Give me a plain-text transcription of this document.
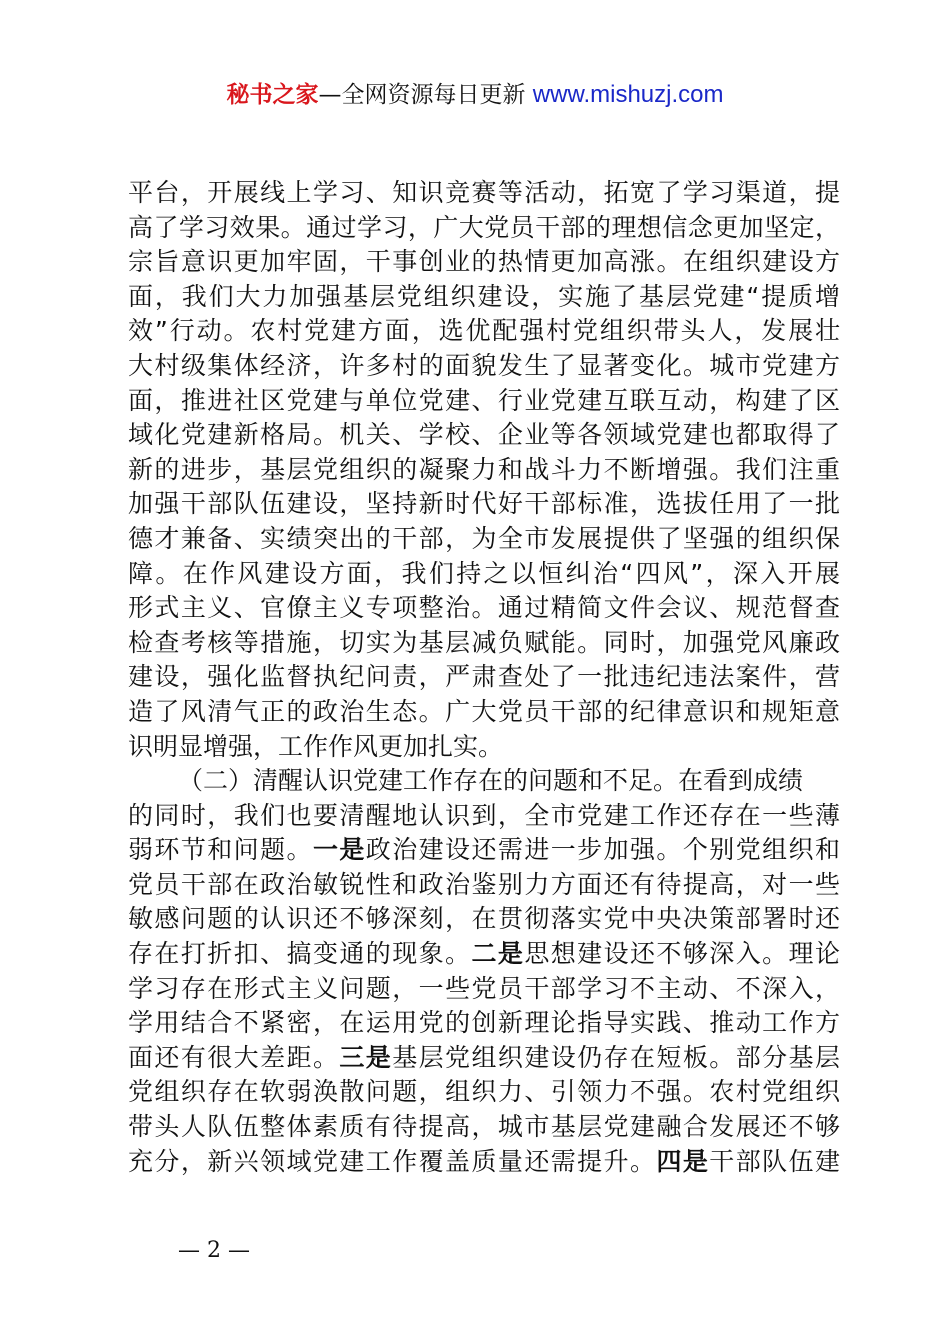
秘书之家—全网资源每日更新 www.mishuzj.com
平台，开展线上学习、知识竞赛等活动，拓宽了学习渠道，提
高了学习效果。通过学习，广大党员干部的理想信念更加坚定，
宗旨意识更加牢固，干事创业的热情更加高涨。在组织建设方
面，我们大力加强基层党组织建设，实施了基层党建“提质增
效”行动。农村党建方面，选优配强村党组织带头人，发展壮
大村级集体经济，许多村的面貌发生了显著变化。城市党建方
面，推进社区党建与单位党建、行业党建互联互动，构建了区
域化党建新格局。机关、学校、企业等各领域党建也都取得了
新的进步，基层党组织的凝聚力和战斗力不断增强。我们注重
加强干部队伍建设，坚持新时代好干部标准，选拔任用了一批
德才兼备、实绩突出的干部，为全市发展提供了坚强的组织保
障。在作风建设方面，我们持之以恒纠治“四风”，深入开展
形式主义、官僚主义专项整治。通过精简文件会议、规范督查
检查考核等措施，切实为基层减负赋能。同时，加强党风廉政
建设，强化监督执纪问责，严肃查处了一批违纪违法案件，营
造了风清气正的政治生态。广大党员干部的纪律意识和规矩意
识明显增强，工作作风更加扎实。
（二）清醒认识党建工作存在的问题和不足。在看到成绩
的同时，我们也要清醒地认识到，全市党建工作还存在一些薄
弱环节和问题。一是政治建设还需进一步加强。个别党组织和
党员干部在政治敏锐性和政治鉴别力方面还有待提高，对一些
敏感问题的认识还不够深刻，在贯彻落实党中央决策部署时还
存在打折扣、搞变通的现象。二是思想建设还不够深入。理论
学习存在形式主义问题，一些党员干部学习不主动、不深入，
学用结合不紧密，在运用党的创新理论指导实践、推动工作方
面还有很大差距。三是基层党组织建设仍存在短板。部分基层
党组织存在软弱涣散问题，组织力、引领力不强。农村党组织
带头人队伍整体素质有待提高，城市基层党建融合发展还不够
充分，新兴领域党建工作覆盖质量还需提升。四是干部队伍建
— 2 —
